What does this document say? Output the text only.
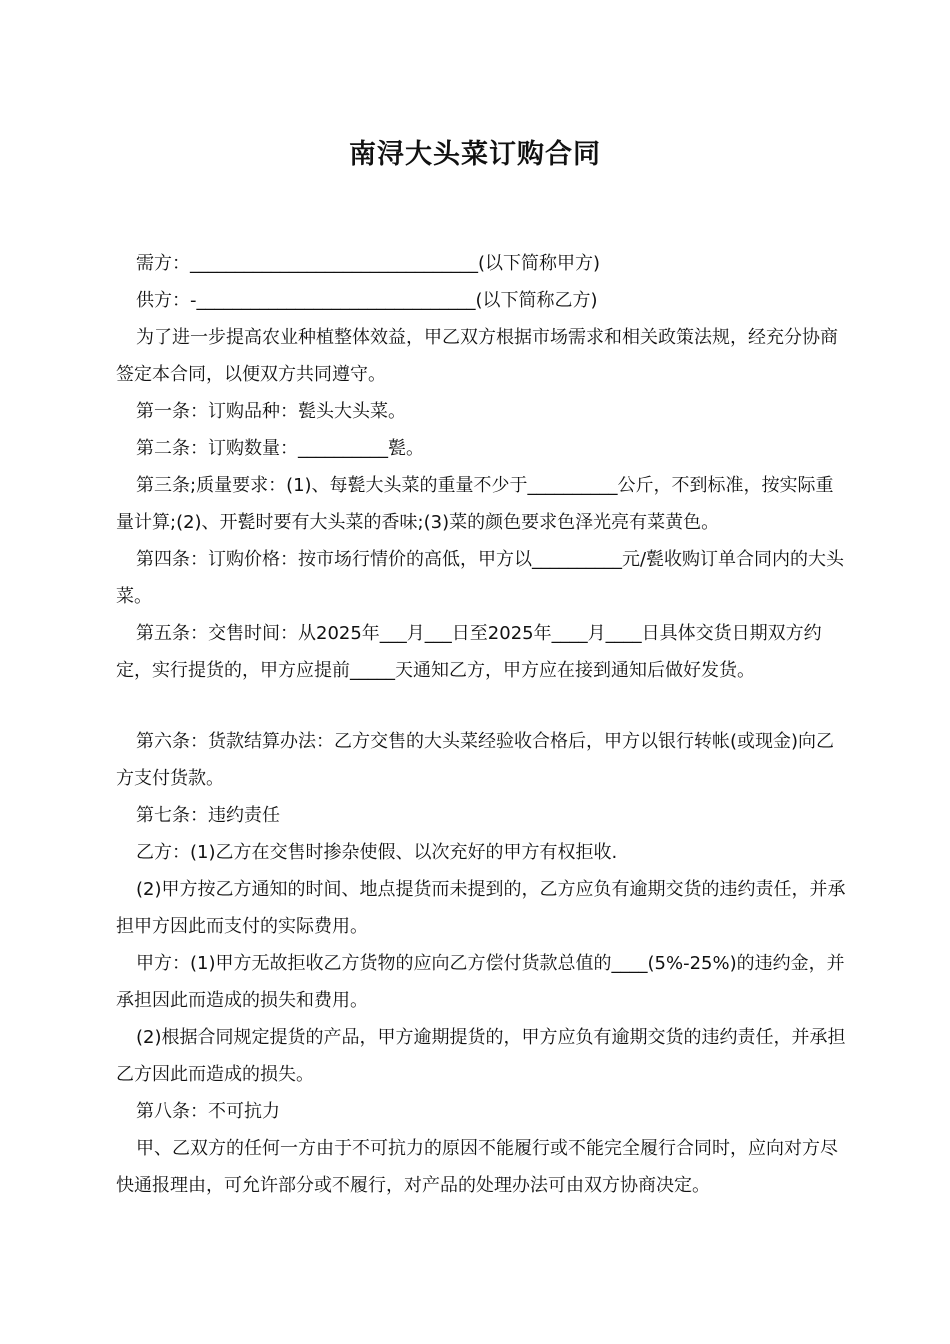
南浔大头菜订购合同

需方：________________________________(以下简称甲方)

供方：-_______________________________(以下简称乙方)

为了进一步提高农业种植整体效益，甲乙双方根据市场需求和相关政策法规，经充分协商签定本合同，以便双方共同遵守。

第一条：订购品种：甏头大头菜。

第二条：订购数量：__________甏。

第三条;质量要求：(1)、每甏大头菜的重量不少于__________公斤，不到标准，按实际重量计算;(2)、开甏时要有大头菜的香味;(3)菜的颜色要求色泽光亮有菜黄色。

第四条：订购价格：按市场行情价的高低，甲方以__________元/甏收购订单合同内的大头菜。

第五条：交售时间：从2025年___月___日至2025年____月____日具体交货日期双方约定，实行提货的，甲方应提前_____天通知乙方，甲方应在接到通知后做好发货。

第六条：货款结算办法：乙方交售的大头菜经验收合格后，甲方以银行转帐(或现金)向乙方支付货款。

第七条：违约责任

乙方：(1)乙方在交售时掺杂使假、以次充好的甲方有权拒收.

(2)甲方按乙方通知的时间、地点提货而未提到的，乙方应负有逾期交货的违约责任，并承担甲方因此而支付的实际费用。

甲方：(1)甲方无故拒收乙方货物的应向乙方偿付货款总值的____(5%-25%)的违约金，并承担因此而造成的损失和费用。

(2)根据合同规定提货的产品，甲方逾期提货的，甲方应负有逾期交货的违约责任，并承担乙方因此而造成的损失。

第八条：不可抗力

甲、乙双方的任何一方由于不可抗力的原因不能履行或不能完全履行合同时，应向对方尽快通报理由，可允许部分或不履行，对产品的处理办法可由双方协商决定。
